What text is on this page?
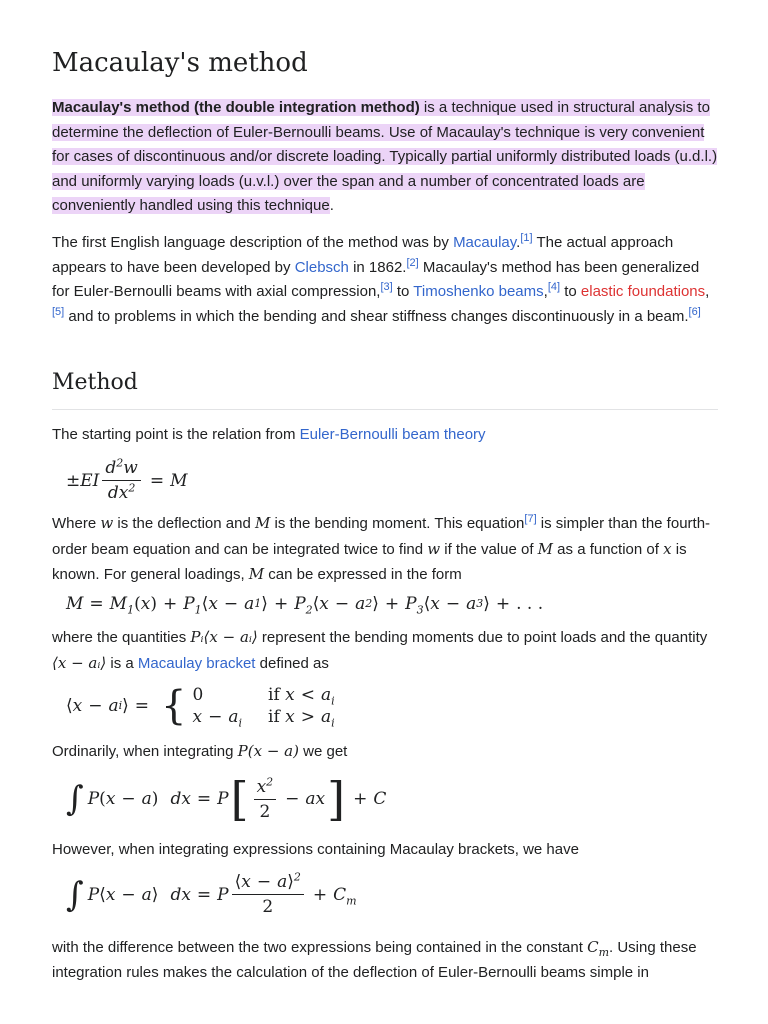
Macaulay's method

Macaulay's method (the double integration method) is a technique used in structural analysis to determine the deflection of Euler-Bernoulli beams. Use of Macaulay's technique is very convenient for cases of discontinuous and/or discrete loading. Typically partial uniformly distributed loads (u.d.l.) and uniformly varying loads (u.v.l.) over the span and a number of concentrated loads are conveniently handled using this technique.

The first English language description of the method was by Macaulay.[1] The actual approach appears to have been developed by Clebsch in 1862.[2] Macaulay's method has been generalized for Euler-Bernoulli beams with axial compression,[3] to Timoshenko beams,[4] to elastic foundations,[5] and to problems in which the bending and shear stiffness changes discontinuously in a beam.[6]

Method

The starting point is the relation from Euler-Bernoulli beam theory

± EI $\frac{d^2w}{dx^2} = M$

Where w is the deflection and M is the bending moment. This equation[7] is simpler than the fourth-order beam equation and can be integrated twice to find w if the value of M as a function of x is known. For general loadings, M can be expressed in the form

$M = M_1$ ( x ) + $P_1$ ⟨ x − a 1 ⟩ + $P_2$ ⟨ x − a 2 ⟩ + $P_3$ ⟨ x − a 3 ⟩ + . . .

where the quantities Pᵢ⟨x − aᵢ⟩ represent the bending moments due to point loads and the quantity ⟨x − aᵢ⟩ is a Macaulay bracket defined as

⟨ x − a i ⟩ = { 0	if $x < a_i$
$x - a_i$ if $x > a_i$

Ordinarily, when integrating P(x − a) we get

∫ P ( x − a ) dx = P [ $\frac{x^2}{2}$ − ax ] + C

However, when integrating expressions containing Macaulay brackets, we have

∫ P ⟨ x − a ⟩ dx = P $\frac{⟨x - a⟩^2}{2} + C_m$

with the difference between the two expressions being contained in the constant $C_m$. Using these integration rules makes the calculation of the deflection of Euler-Bernoulli beams simple in
